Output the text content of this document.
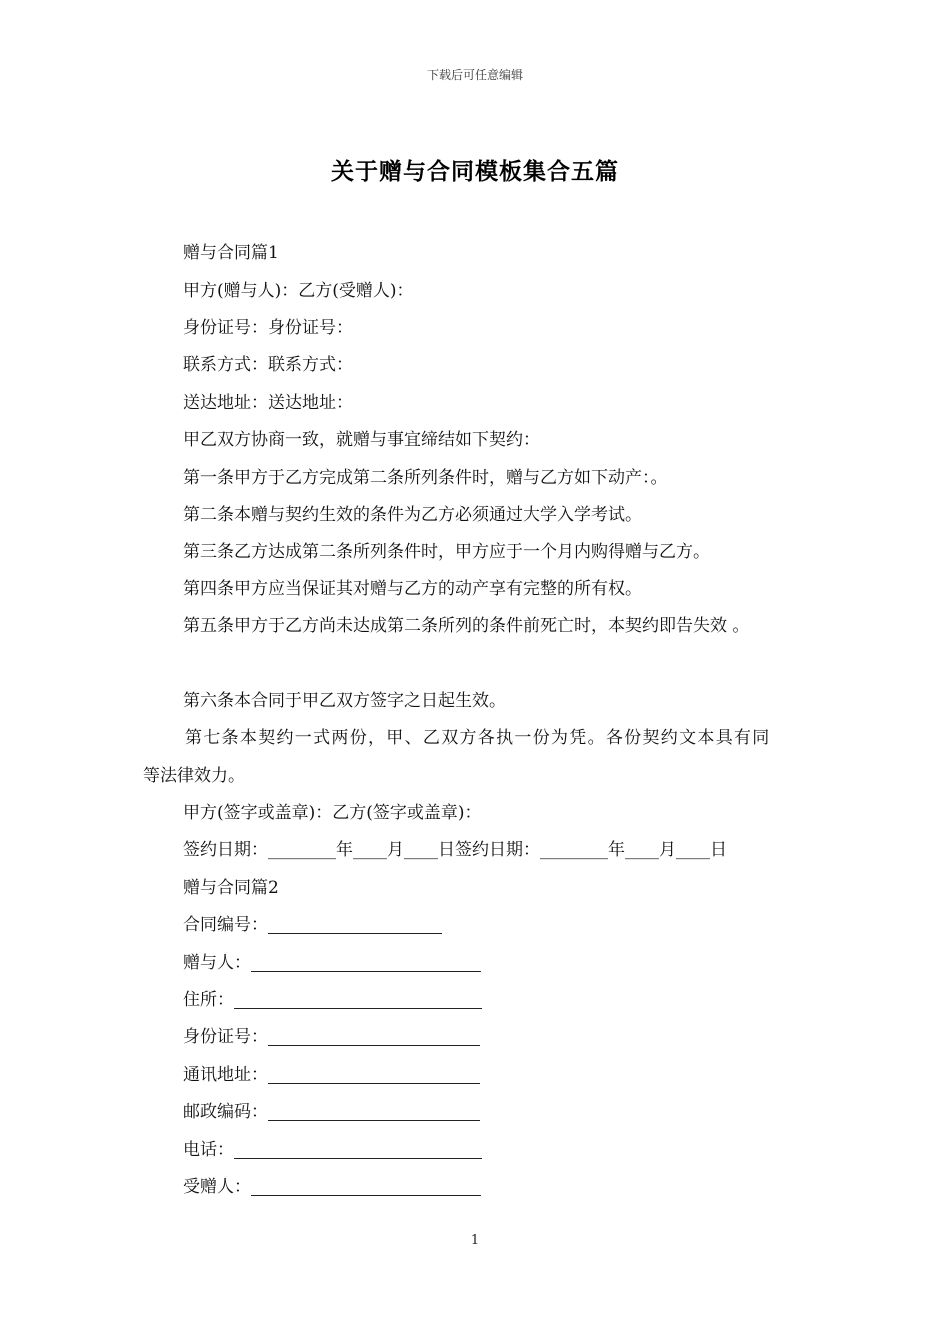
下载后可任意编辑
关于赠与合同模板集合五篇
赠与合同篇1
甲方(赠与人)：乙方(受赠人)：
身份证号：身份证号：
联系方式：联系方式：
送达地址：送达地址：
甲乙双方协商一致，就赠与事宜缔结如下契约：
第一条甲方于乙方完成第二条所列条件时，赠与乙方如下动产：。
第二条本赠与契约生效的条件为乙方必须通过大学入学考试。
第三条乙方达成第二条所列条件时，甲方应于一个月内购得赠与乙方。
第四条甲方应当保证其对赠与乙方的动产享有完整的所有权。
第五条甲方于乙方尚未达成第二条所列的条件前死亡时，本契约即告失效 。
第六条本合同于甲乙双方签字之日起生效。
第七条本契约一式两份，甲、乙双方各执一份为凭。各份契约文本具有同
等法律效力。
甲方(签字或盖章)：乙方(签字或盖章)：
签约日期：________年____月____日签约日期：________年____月____日
赠与合同篇2
合同编号：
赠与人：
住所：
身份证号：
通讯地址：
邮政编码：
电话：
受赠人：
1
